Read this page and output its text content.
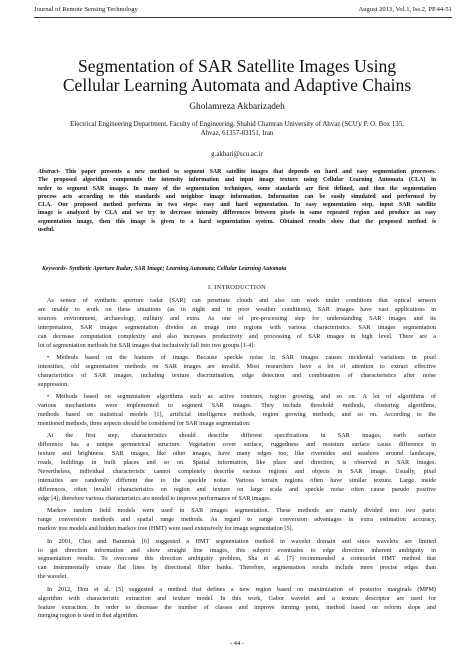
Journal of Remote Sensing Technology	August 2013, Vol.1, Iss.2, PP.44-51
Segmentation of SAR Satellite Images Using
Cellular Learning Automata and Adaptive Chains
Gholamreza Akbarizadeh
Electrical Engineering Department, Faculty of Engineering, Shahid Chamran University of Ahvaz (SCU)/ P. O. Box 135,
Ahvaz, 61357-83151, Iran
g.akbari@scu.ac.ir
Abstract- This paper presents a new method to segment SAR satellite images that depends on hard and easy segmentation processes.
The proposed algorithm compounds the intensity information and input image texture using Cellular Learning Automata (CLA) in
order to segment SAR images. In many of the segmentation techniques, some standards are first defined, and then the segmentation
process acts according to this standards and neighbor image information. Information can be easily simulated and performed by
CLA. Our proposed method performs in two steps: easy and hard segmentation. In easy segmentation step, input SAR satellite
image is analyzed by CLA and we try to decrease intensity differences between pixels in same repeated region and produce an easy
segmentation image, then this image is given to a hard segmentation system. Obtained results show that the proposed method is
useful.
Keywords- Synthetic Aperture Radar; SAR Image; Learning Automata; Cellular Learning Automata
I. INTRODUCTION
As sensor of synthetic aperture radar (SAR) can penetrate clouds and also can work under conditions that optical sensors
are unable to work on these situations (as in night and in poor weather conditions), SAR images have vast applications in
sources environment, archaeology, military and extra. As one of pre-processing step for understanding SAR images and its
interpretation, SAR images segmentation divides an image into regions with various characteristics. SAR images segmentation
can decrease computation complexity and also increases productivity and processing of SAR images in high level. There are a
lot of segmentation methods for SAR images that inclusively fall into two groups [1-4]:
• Methods based on the features of image. Because speckle noise in SAR images causes incidental variations in pixel
intensities, old segmentation methods on SAR images are invalid. Most researchers have a lot of attention to extract effective
characteristics of SAR images, including texture discrimination, edge detection and combination of characteristics after noise
suppression.
• Methods based on segmentation algorithms such as active contours, region growing, and so on. A lot of algorithms of
various mechanisms were implemented to segment SAR images. They include threshold methods, clustering algorithms,
methods based on statistical models [1], artificial intelligence methods, region growing methods, and so on. According to the
mentioned methods, three aspects should be considered for SAR image segmentation:
At the first step, characteristics should describe different specifications in SAR images, earth surface
difference has a unique geometrical structure. Vegetation cover surface, ruggedness and moisture surface cause difference in
texture and brightness. SAR images, like other images, have many edges too; like riversides and seashore around landscape,
roads, buildings in built places and so on. Spatial information, like place and direction, is observed in SAR images.
Nevertheless, individual characteristic cannot completely describe various regions and objects in SAR image. Usually, pixel
intensities are randomly different due to the speckle noise. Various terrain regions often have similar texture. Large inside
differences, often invalid characteristics on region and texture on large scale and speckle noise often cause pseudo positive
edge [4]; therefore various characteristics are needed to improve performance of SAR images.
Markov random field models were used in SAR images segmentation. These methods are mainly divided into two parts:
range conversion methods and spatial range methods. As regard to range conversion advantages in extra estimation accuracy,
markov tree models and hidden markov tree (HMT) were used extensively for image segmentation [5].
In 2001, Choi and Baraniuk [6] suggested a HMT segmentation method in wavelet domain and since wavelets are limited
to get direction information and show straight line images, this subject eventuates to edge direction inherent ambiguity in
segmentation results. To overcome this direction ambiguity problem, Sha et al. [7] recommended a contourlet HMT method that
can instrumentally create flat lines by directional filter banks. Therefore, segmentation results include more precise edges than
the wavelet.
In 2012, Hou et al. [5] suggested a method that defines a new region based on maximization of posterior marginals (MPM)
algorithm with characteristic extraction and texture model. In this work, Gabor wavelet and a texture descriptor are used for
feature extraction. In order to decrease the number of classes and improve turning point, method based on reform slope and
merging region is used in that algorithm.
- 44 -
